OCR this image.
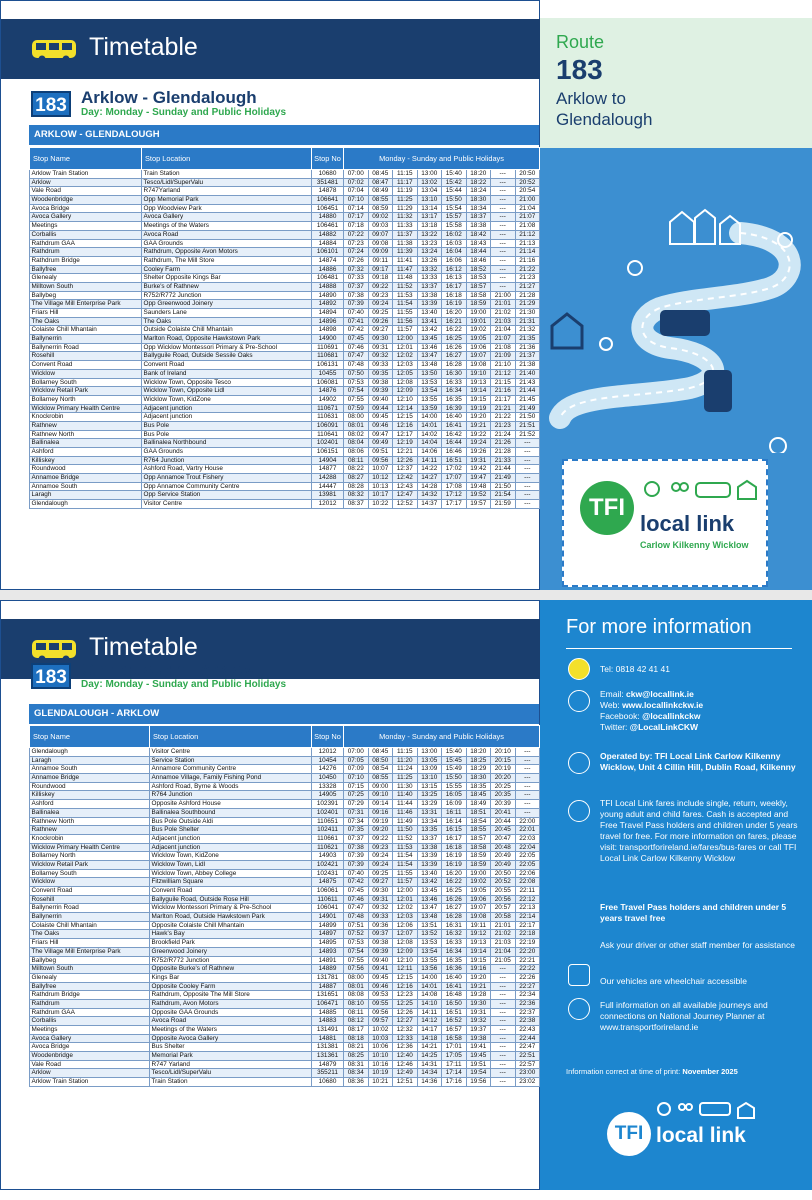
Timetable
183 Arklow - Glendalough
Day: Monday - Sunday and Public Holidays
ARKLOW - GLENDALOUGH
Stop Name	Stop Location	Stop No	Monday - Sunday and Public Holidays							
Arklow Train Station	Train Station	10680	07:00	08:45	11:15	13:00	15:40	18:20	---	20:50
Arklow	Tesco/Lidl/SuperValu	351481	07:02	08:47	11:17	13:02	15:42	18:22	---	20:52
Vale Road	R747Yarland	14878	07:04	08:49	11:19	13:04	15:44	18:24	---	20:54
Woodenbridge	Opp Memorial Park	106641	07:10	08:55	11:25	13:10	15:50	18:30	---	21:00
Avoca Bridge	Opp Woodview Park	106451	07:14	08:59	11:29	13:14	15:54	18:34	---	21:04
Avoca Gallery	Avoca Gallery	14880	07:17	09:02	11:32	13:17	15:57	18:37	---	21:07
Meetings	Meetings of the Waters	106461	07:18	09:03	11:33	13:18	15:58	18:38	---	21:08
Corballis	Avoca Road	14882	07:22	09:07	11:37	13:22	16:02	18:42	---	21:12
Rathdrum GAA	GAA Grounds	14884	07:23	09:08	11:38	13:23	16:03	18:43	---	21:13
Rathdrum	Rathdrum, Opposite Avon Motors	106101	07:24	09:09	11:39	13:24	16:04	18:44	---	21:14
Rathdrum Bridge	Rathdrum, The Mill Store	14874	07:26	09:11	11:41	13:26	16:06	18:46	---	21:16
Ballyfree	Cooley Farm	14886	07:32	09:17	11:47	13:32	16:12	18:52	---	21:22
Glenealy	Shelter Opposite Kings Bar	106481	07:33	09:18	11:48	13:33	16:13	18:53	---	21:23
Milltown South	Burke's of Rathnew	14888	07:37	09:22	11:52	13:37	16:17	18:57	---	21:27
Ballybeg	R752/R772 Junction	14890	07:38	09:23	11:53	13:38	16:18	18:58	21:00	21:28
The Village Mill Enterprise Park	Opp Greenwood Joinery	14892	07:39	09:24	11:54	13:39	16:19	18:59	21:01	21:29
Friars Hill	Saunders Lane	14894	07:40	09:25	11:55	13:40	16:20	19:00	21:02	21:30
The Oaks	The Oaks	14896	07:41	09:26	11:56	13:41	16:21	19:01	21:03	21:31
Colaiste Chill Mhantain	Outside Colaiste Chill Mhantain	14898	07:42	09:27	11:57	13:42	16:22	19:02	21:04	21:32
Ballynerrin	Marlton Road, Opposite Hawkstown Park	14900	07:45	09:30	12:00	13:45	16:25	19:05	21:07	21:35
Ballynerrin Road	Opp Wicklow Montessori Primary & Pre-School	110691	07:46	09:31	12:01	13:46	16:26	19:06	21:08	21:36
Rosehill	Ballyguile Road, Outside Sessile Oaks	110681	07:47	09:32	12:02	13:47	16:27	19:07	21:09	21:37
Convent Road	Convent Road	106131	07:48	09:33	12:03	13:48	16:28	19:08	21:10	21:38
Wicklow	Bank of Ireland	10455	07:50	09:35	12:05	13:50	16:30	19:10	21:12	21:40
Bollarney South	Wicklow Town, Opposite Tesco	106081	07:53	09:38	12:08	13:53	16:33	19:13	21:15	21:43
Wicklow Retail Park	Wicklow Town, Opposite Lidl	14876	07:54	09:39	12:09	13:54	16:34	19:14	21:16	21:44
Bollarney North	Wicklow Town, KidZone	14902	07:55	09:40	12:10	13:55	16:35	19:15	21:17	21:45
Wicklow Primary Health Centre	Adjacent junction	110671	07:59	09:44	12:14	13:59	16:39	19:19	21:21	21:49
Knockrobin	Adjacent junction	110631	08:00	09:45	12:15	14:00	16:40	19:20	21:22	21:50
Rathnew	Bus Pole	106091	08:01	09:46	12:16	14:01	16:41	19:21	21:23	21:51
Rathnew North	Bus Pole	110641	08:02	09:47	12:17	14:02	16:42	19:22	21:24	21:52
Ballinalea	Ballinalea Northbound	102401	08:04	09:49	12:19	14:04	16:44	19:24	21:26	---
Ashford	GAA Grounds	106151	08:06	09:51	12:21	14:06	16:46	19:26	21:28	---
Killiskey	R764 Junction	14904	08:11	09:56	12:26	14:11	16:51	19:31	21:33	---
Roundwood	Ashford Road, Vartry House	14877	08:22	10:07	12:37	14:22	17:02	19:42	21:44	---
Annamoe Bridge	Opp Annamoe Trout Fishery	14288	08:27	10:12	12:42	14:27	17:07	19:47	21:49	---
Annamoe South	Opp Annamoe Community Centre	14447	08:28	10:13	12:43	14:28	17:08	19:48	21:50	---
Laragh	Opp Service Station	13981	08:32	10:17	12:47	14:32	17:12	19:52	21:54	---
Glendalough	Visitor Centre	12012	08:37	10:22	12:52	14:37	17:17	19:57	21:59	---
Route
183
Arklow to Glendalough
TFI
local link
Carlow Kilkenny Wicklow
Timetable
183 Glendalough - Arklow
Day: Monday - Sunday and Public Holidays
GLENDALOUGH - ARKLOW
Stop Name	Stop Location	Stop No	Monday - Sunday and Public Holidays							
Glendalough	Visitor Centre	12012	07:00	08:45	11:15	13:00	15:40	18:20	20:10	---
Laragh	Service Station	10454	07:05	08:50	11:20	13:05	15:45	18:25	20:15	---
Annamoe South	Annamore Community Centre	14276	07:09	08:54	11:24	13:09	15:49	18:29	20:19	---
Annamoe Bridge	Annamoe Village, Family Fishing Pond	10450	07:10	08:55	11:25	13:10	15:50	18:30	20:20	---
Roundwood	Ashford Road, Byrne & Woods	13328	07:15	09:00	11:30	13:15	15:55	18:35	20:25	---
Killiskey	R764 Junction	14905	07:25	09:10	11:40	13:25	16:05	18:45	20:35	---
Ashford	Opposite Ashford House	102391	07:29	09:14	11:44	13:29	16:09	18:49	20:39	---
Ballinalea	Ballinalea Southbound	102401	07:31	09:16	11:46	13:31	16:11	18:51	20:41	---
Rathnew North	Bus Pole Outside Aldi	110651	07:34	09:19	11:49	13:34	16:14	18:54	20:44	22:00
Rathnew	Bus Pole Shelter	102411	07:35	09:20	11:50	13:35	16:15	18:55	20:45	22:01
Knockrobin	Adjacent junction	110661	07:37	09:22	11:52	13:37	16:17	18:57	20:47	22:03
Wicklow Primary Health Centre	Adjacent junction	110621	07:38	09:23	11:53	13:38	16:18	18:58	20:48	22:04
Bollarney North	Wicklow Town, KidZone	14903	07:39	09:24	11:54	13:39	16:19	18:59	20:49	22:05
Wicklow Retail Park	Wicklow Town, Lidl	102421	07:39	09:24	11:54	13:39	16:19	18:59	20:49	22:05
Bollarney South	Wicklow Town, Abbey College	102431	07:40	09:25	11:55	13:40	16:20	19:00	20:50	22:06
Wicklow	Fitzwilliam Square	14875	07:42	09:27	11:57	13:42	16:22	19:02	20:52	22:08
Convent Road	Convent Road	106061	07:45	09:30	12:00	13:45	16:25	19:05	20:55	22:11
Rosehill	Ballyguile Road, Outside Rose Hill	110611	07:46	09:31	12:01	13:46	16:26	19:06	20:56	22:12
Ballynerrin Road	Wicklow Montessori Primary & Pre-School	106041	07:47	09:32	12:02	13:47	16:27	19:07	20:57	22:13
Ballynerrin	Marlton Road, Outside Hawkstown Park	14901	07:48	09:33	12:03	13:48	16:28	19:08	20:58	22:14
Colaiste Chill Mhantain	Opposite Colaiste Chill Mhantain	14899	07:51	09:36	12:06	13:51	16:31	19:11	21:01	22:17
The Oaks	Hawk's Bay	14897	07:52	09:37	12:07	13:52	16:32	19:12	21:02	22:18
Friars Hill	Brookfield Park	14895	07:53	09:38	12:08	13:53	16:33	19:13	21:03	22:19
The Village Mill Enterprise Park	Greenwood Joinery	14893	07:54	09:39	12:09	13:54	16:34	19:14	21:04	22:20
Ballybeg	R752/R772 Junction	14891	07:55	09:40	12:10	13:55	16:35	19:15	21:05	22:21
Milltown South	Opposite Burke's of Rathnew	14889	07:56	09:41	12:11	13:56	16:36	19:16	---	22:22
Glenealy	Kings Bar	131781	08:00	09:45	12:15	14:00	16:40	19:20	---	22:26
Ballyfree	Opposite Cooley Farm	14887	08:01	09:46	12:16	14:01	16:41	19:21	---	22:27
Rathdrum Bridge	Rathdrum, Opposite The Mill Store	131651	08:08	09:53	12:23	14:08	16:48	19:28	---	22:34
Rathdrum	Rathdrum, Avon Motors	106471	08:10	09:55	12:25	14:10	16:50	19:30	---	22:36
Rathdrum GAA	Opposite GAA Grounds	14885	08:11	09:56	12:26	14:11	16:51	19:31	---	22:37
Corballis	Avoca Road	14883	08:12	09:57	12:27	14:12	16:52	19:32	---	22:38
Meetings	Meetings of the Waters	131491	08:17	10:02	12:32	14:17	16:57	19:37	---	22:43
Avoca Gallery	Opposite Avoca Gallery	14881	08:18	10:03	12:33	14:18	16:58	19:38	---	22:44
Avoca Bridge	Bus Shelter	131381	08:21	10:06	12:36	14:21	17:01	19:41	---	22:47
Woodenbridge	Memorial Park	131361	08:25	10:10	12:40	14:25	17:05	19:45	---	22:51
Vale Road	R747 Yarland	14879	08:31	10:16	12:46	14:31	17:11	19:51	---	22:57
Arklow	Tesco/Lidl/SuperValu	355211	08:34	10:19	12:49	14:34	17:14	19:54	---	23:00
Arklow Train Station	Train Station	10680	08:36	10:21	12:51	14:36	17:16	19:56	---	23:02
For more information
Tel: 0818 42 41 41
Email: ckw@locallink.ie
Web: www.locallinkckw.ie
Facebook: @locallinkckw
Twitter: @LocalLinkCKW
Operated by: TFI Local Link Carlow Kilkenny Wicklow, Unit 4 Cillin Hill, Dublin Road, Kilkenny
TFI Local Link fares include single, return, weekly, young adult and child fares. Cash is accepted and Free Travel Pass holders and children under 5 years travel for free. For more information on fares, please visit: transportforireland.ie/fares/bus-fares or call TFI Local Link Carlow Kilkenny Wicklow
Free Travel Pass holders and children under 5 years travel free
Ask your driver or other staff member for assistance
Our vehicles are wheelchair accessible
Full information on all available journeys and connections on National Journey Planner at www.transportforireland.ie
Information correct at time of print: November 2025
TFI local link
